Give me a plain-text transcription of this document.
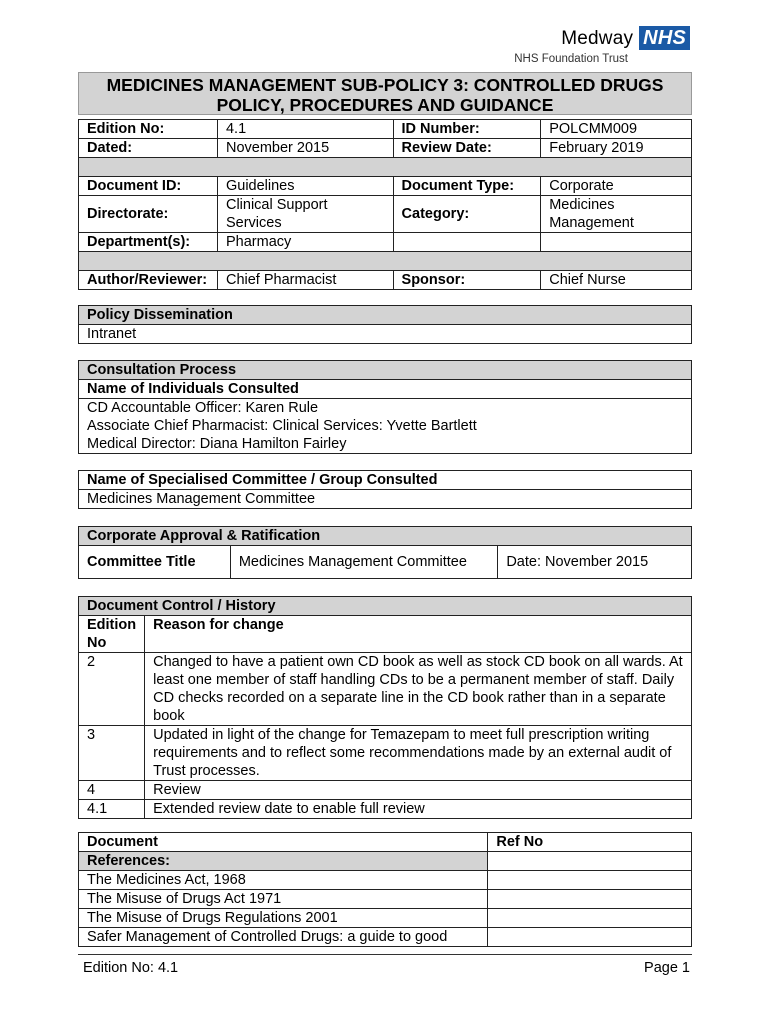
Medway NHS
NHS Foundation Trust
MEDICINES MANAGEMENT SUB-POLICY 3: CONTROLLED DRUGS
POLICY, PROCEDURES AND GUIDANCE
Edition No:	4.1	ID Number:	POLCMM009
Dated:	November 2015	Review Date:	February 2019

Document ID:	Guidelines	Document Type:	Corporate
Directorate:	Clinical Support Services	Category:	Medicines Management
Department(s):	Pharmacy		

Author/Reviewer:	Chief Pharmacist	Sponsor:	Chief Nurse
Policy Dissemination
Intranet
Consultation Process
Name of Individuals Consulted

CD Accountable Officer: Karen Rule
Associate Chief Pharmacist: Clinical Services: Yvette Bartlett
Medical Director: Diana Hamilton Fairley
Name of Specialised Committee / Group Consulted
Medicines Management Committee
Corporate Approval & Ratification
Committee Title	Medicines Management Committee	Date: November 2015
Document Control / History	
Edition No	Reason for change
2	Changed to have a patient own CD book as well as stock CD book on all wards. At least one member of staff handling CDs to be a permanent member of staff. Daily CD checks recorded on a separate line in the CD book rather than in a separate book
3	Updated in light of the change for Temazepam to meet full prescription writing requirements and to reflect some recommendations made by an external audit of Trust processes.
4	Review
4.1	Extended review date to enable full review
Document	Ref No
References:	
The Medicines Act, 1968	
The Misuse of Drugs Act 1971	
The Misuse of Drugs Regulations 2001	
Safer Management of Controlled Drugs: a guide to good	
Edition No: 4.1	Page 1
